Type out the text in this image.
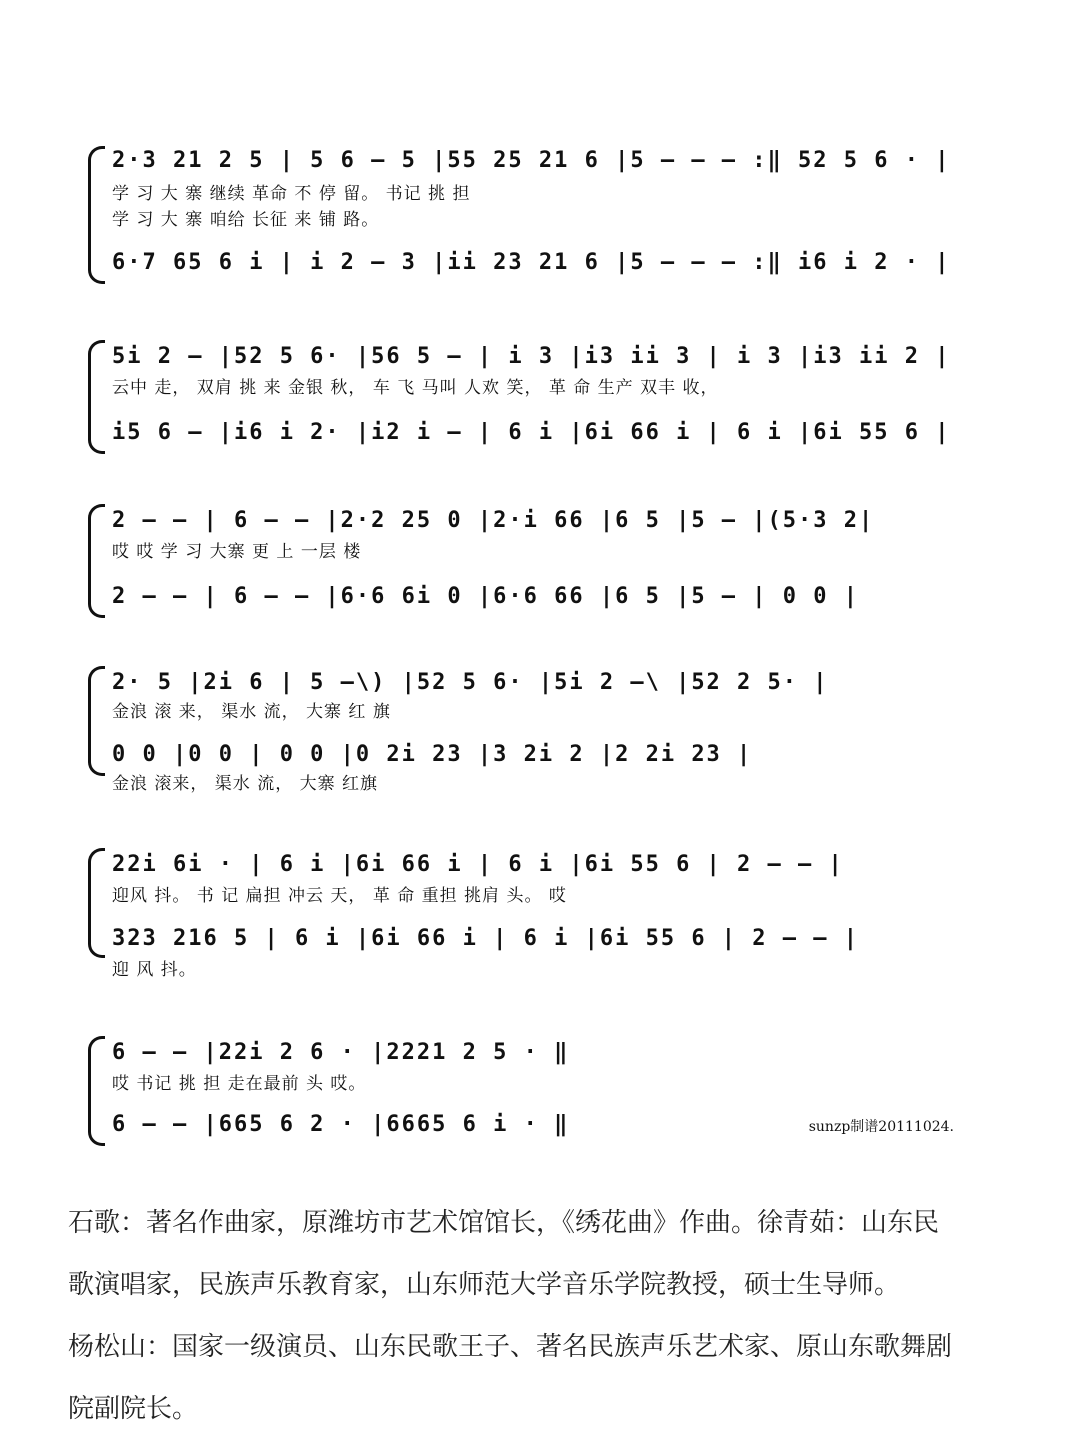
2·3 21 2 5 | 5 6 – 5 |55 25 21 6 |5 – – – :‖ 52 5 6 · |
学 习 大 寨 继续 革命 不 停 留。 书记 挑 担
学 习 大 寨 咱给 长征 来 铺 路。
6·7 65 6 i | i 2 – 3 |ii 23 21 6 |5 – – – :‖ i6 i 2 · |
5i 2 – |52 5 6· |56 5 – | i 3 |i3 ii 3 | i 3 |i3 ii 2 |
云中 走， 双肩 挑 来 金银 秋， 车 飞 马叫 人欢 笑， 革 命 生产 双丰 收，
i5 6 – |i6 i 2· |i2 i – | 6 i |6i 66 i | 6 i |6i 55 6 |
2 – – | 6 – – |2·2 25 0 |2·i 66 |6 5 |5 – |(5·3 2|
哎 哎 学 习 大寨 更 上 一层 楼
2 – – | 6 – – |6·6 6i 0 |6·6 66 |6 5 |5 – | 0 0 |
2· 5 |2i 6 | 5 –\) |52 5 6· |5i 2 –\ |52 2 5· |
金浪 滚 来， 渠水 流， 大寨 红 旗
0 0 |0 0 | 0 0 |0 2i 23 |3 2i 2 |2 2i 23 |
金浪 滚来， 渠水 流， 大寨 红旗
22i 6i · | 6 i |6i 66 i | 6 i |6i 55 6 | 2 – – |
迎风 抖。 书 记 扁担 冲云 天， 革 命 重担 挑肩 头。 哎
323 216 5 | 6 i |6i 66 i | 6 i |6i 55 6 | 2 – – |
迎 风 抖。
6 – – |22i 2 6 · |2221 2 5 · ‖
哎 书记 挑 担 走在最前 头 哎。
6 – – |665 6 2 · |6665 6 i · ‖	sunzp制谱20111024.

石歌：著名作曲家，原潍坊市艺术馆馆长，《绣花曲》作曲。徐青茹：山东民

歌演唱家，民族声乐教育家，山东师范大学音乐学院教授，硕士生导师。

杨松山：国家一级演员、山东民歌王子、著名民族声乐艺术家、原山东歌舞剧

院副院长。
